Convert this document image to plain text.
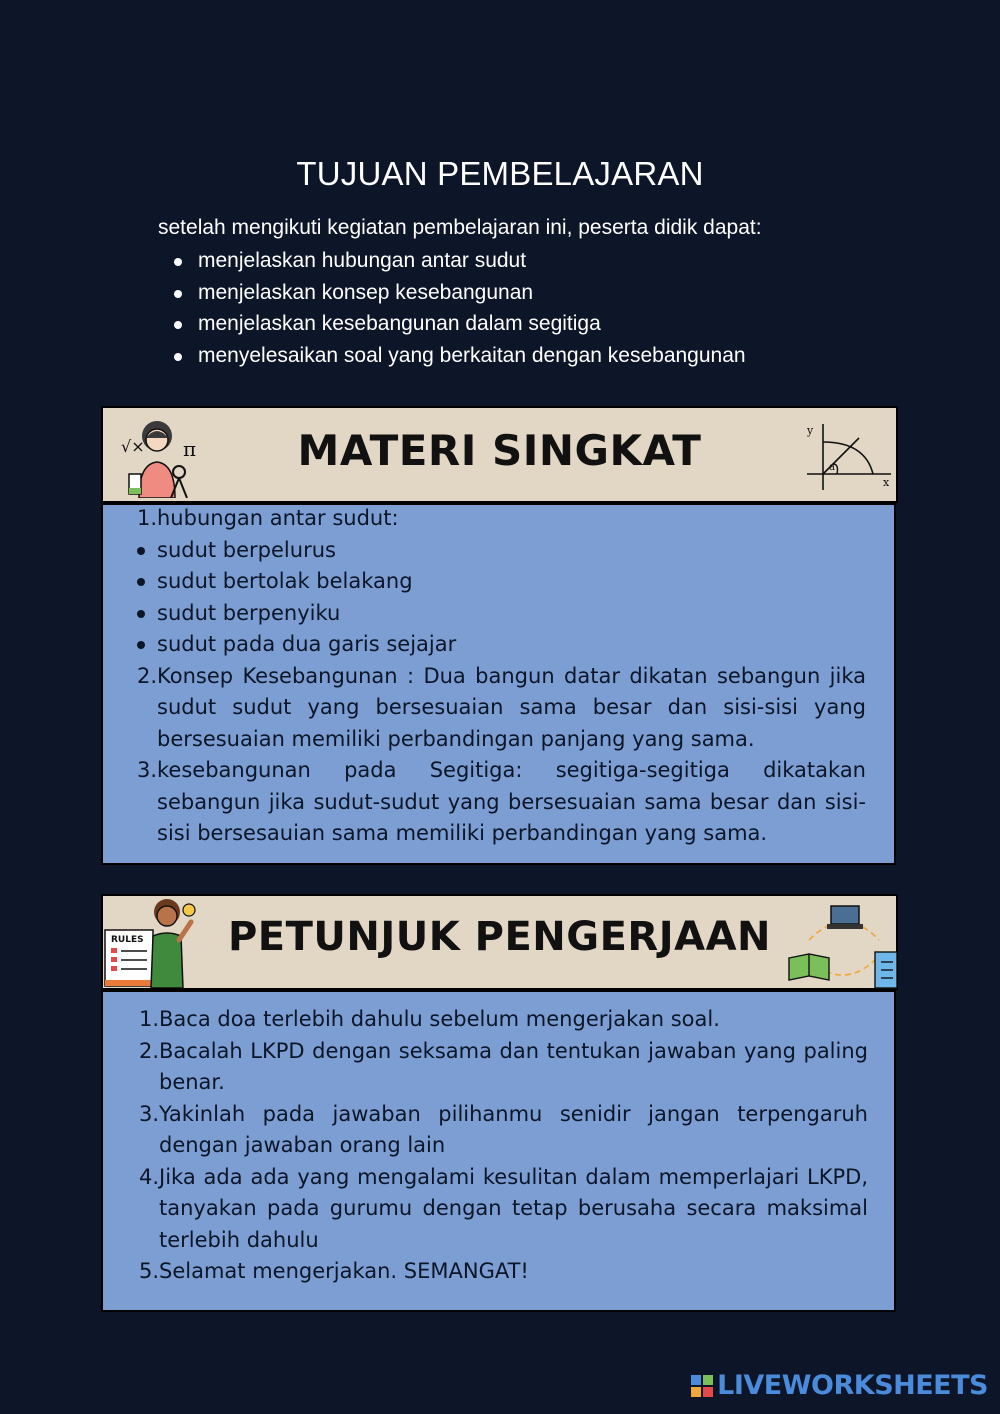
TUJUAN PEMBELAJARAN
setelah mengikuti kegiatan pembelajaran ini, peserta didik dapat:
menjelaskan hubungan antar sudut
menjelaskan konsep kesebangunan
menjelaskan kesebangunan dalam segitiga
menyelesaikan soal yang berkaitan dengan kesebangunan
√× π	MATERI SINGKAT	y
x
a
1. hubungan antar sudut:
sudut berpelurus
sudut bertolak belakang
sudut berpenyiku
sudut pada dua garis sejajar
2. Konsep Kesebangunan : Dua bangun datar dikatan sebangun jika sudut sudut yang bersesuaian sama besar dan sisi-sisi yang bersesuaian memiliki perbandingan panjang yang sama.
3. kesebangunan pada Segitiga: segitiga-segitiga dikatakan sebangun jika sudut-sudut yang bersesuaian sama besar dan sisi-sisi bersesauian sama memiliki perbandingan yang sama.
RULES	PETUNJUK PENGERJAAN
1. Baca doa terlebih dahulu sebelum mengerjakan soal.
2. Bacalah LKPD dengan seksama dan tentukan jawaban yang paling benar.
3. Yakinlah pada jawaban pilihanmu senidir jangan terpengaruh dengan jawaban orang lain
4. Jika ada ada yang mengalami kesulitan dalam memperlajari LKPD, tanyakan pada gurumu dengan tetap berusaha secara maksimal terlebih dahulu
5. Selamat mengerjakan. SEMANGAT!
LIVEWORKSHEETS
